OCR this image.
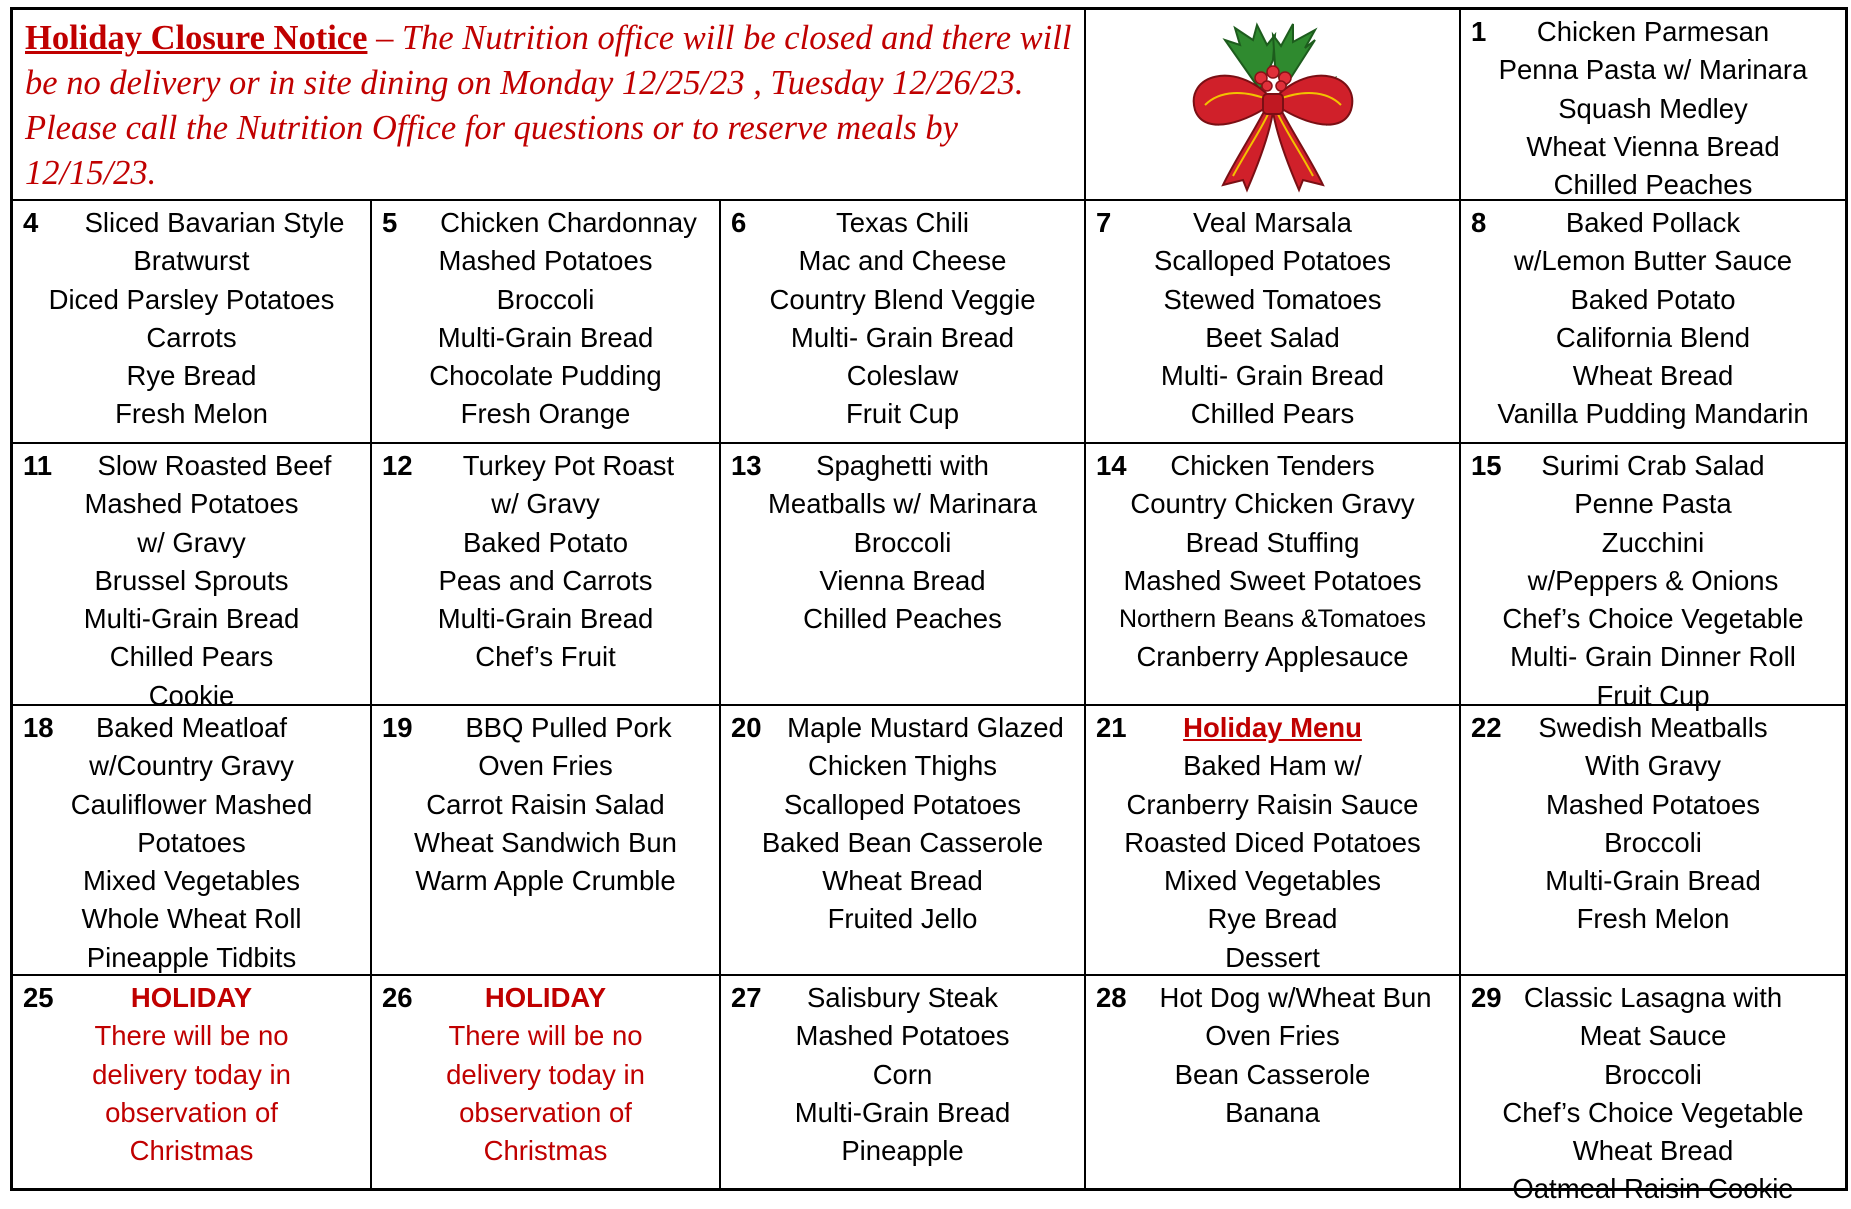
Holiday Closure Notice – The Nutrition office will be closed and there will be no delivery or in site dining on Monday 12/25/23 , Tuesday 12/26/23. Please call the Nutrition Office for questions or to reserve meals by 12/15/23.

1	Chicken Parmesan
Penna Pasta w/ Marinara
Squash Medley
Wheat Vienna Bread
Chilled Peaches
4	Sliced Bavarian Style
Bratwurst
Diced Parsley Potatoes
Carrots
Rye Bread
Fresh Melon
5	Chicken Chardonnay
Mashed Potatoes
Broccoli
Multi-Grain Bread
Chocolate Pudding
Fresh Orange
6	Texas Chili
Mac and Cheese
Country Blend Veggie
Multi- Grain Bread
Coleslaw
Fruit Cup
7	Veal Marsala
Scalloped Potatoes
Stewed Tomatoes
Beet Salad
Multi- Grain Bread
Chilled Pears
8	Baked Pollack
w/Lemon Butter Sauce
Baked Potato
California Blend
Wheat Bread
Vanilla Pudding Mandarin
11	Slow Roasted Beef
Mashed Potatoes
w/ Gravy
Brussel Sprouts
Multi-Grain Bread
Chilled Pears
Cookie
12	Turkey Pot Roast
w/ Gravy
Baked Potato
Peas and Carrots
Multi-Grain Bread
Chef’s Fruit
13	Spaghetti with
Meatballs w/ Marinara
Broccoli
Vienna Bread
Chilled Peaches
14	Chicken Tenders
Country Chicken Gravy
Bread Stuffing
Mashed Sweet Potatoes
Northern Beans &Tomatoes
Cranberry Applesauce
15	Surimi Crab Salad
Penne Pasta
Zucchini
w/Peppers & Onions
Chef’s Choice Vegetable
Multi- Grain Dinner Roll
Fruit Cup
18	Baked Meatloaf
w/Country Gravy
Cauliflower Mashed
Potatoes
Mixed Vegetables
Whole Wheat Roll
Pineapple Tidbits
19	BBQ Pulled Pork
Oven Fries
Carrot Raisin Salad
Wheat Sandwich Bun
Warm Apple Crumble
20 Maple Mustard Glazed
Chicken Thighs
Scalloped Potatoes
Baked Bean Casserole
Wheat Bread
Fruited Jello
21	Holiday Menu
Baked Ham w/
Cranberry Raisin Sauce
Roasted Diced Potatoes
Mixed Vegetables
Rye Bread
Dessert
22	Swedish Meatballs
With Gravy
Mashed Potatoes
Broccoli
Multi-Grain Bread
Fresh Melon
25	HOLIDAY
There will be no
delivery today in
observation of
Christmas
26	HOLIDAY
There will be no
delivery today in
observation of
Christmas
27	Salisbury Steak
Mashed Potatoes
Corn
Multi-Grain Bread
Pineapple
28	Hot Dog w/Wheat Bun
Oven Fries
Bean Casserole
Banana
29 Classic Lasagna with
Meat Sauce
Broccoli
Chef’s Choice Vegetable
Wheat Bread
Oatmeal Raisin Cookie
